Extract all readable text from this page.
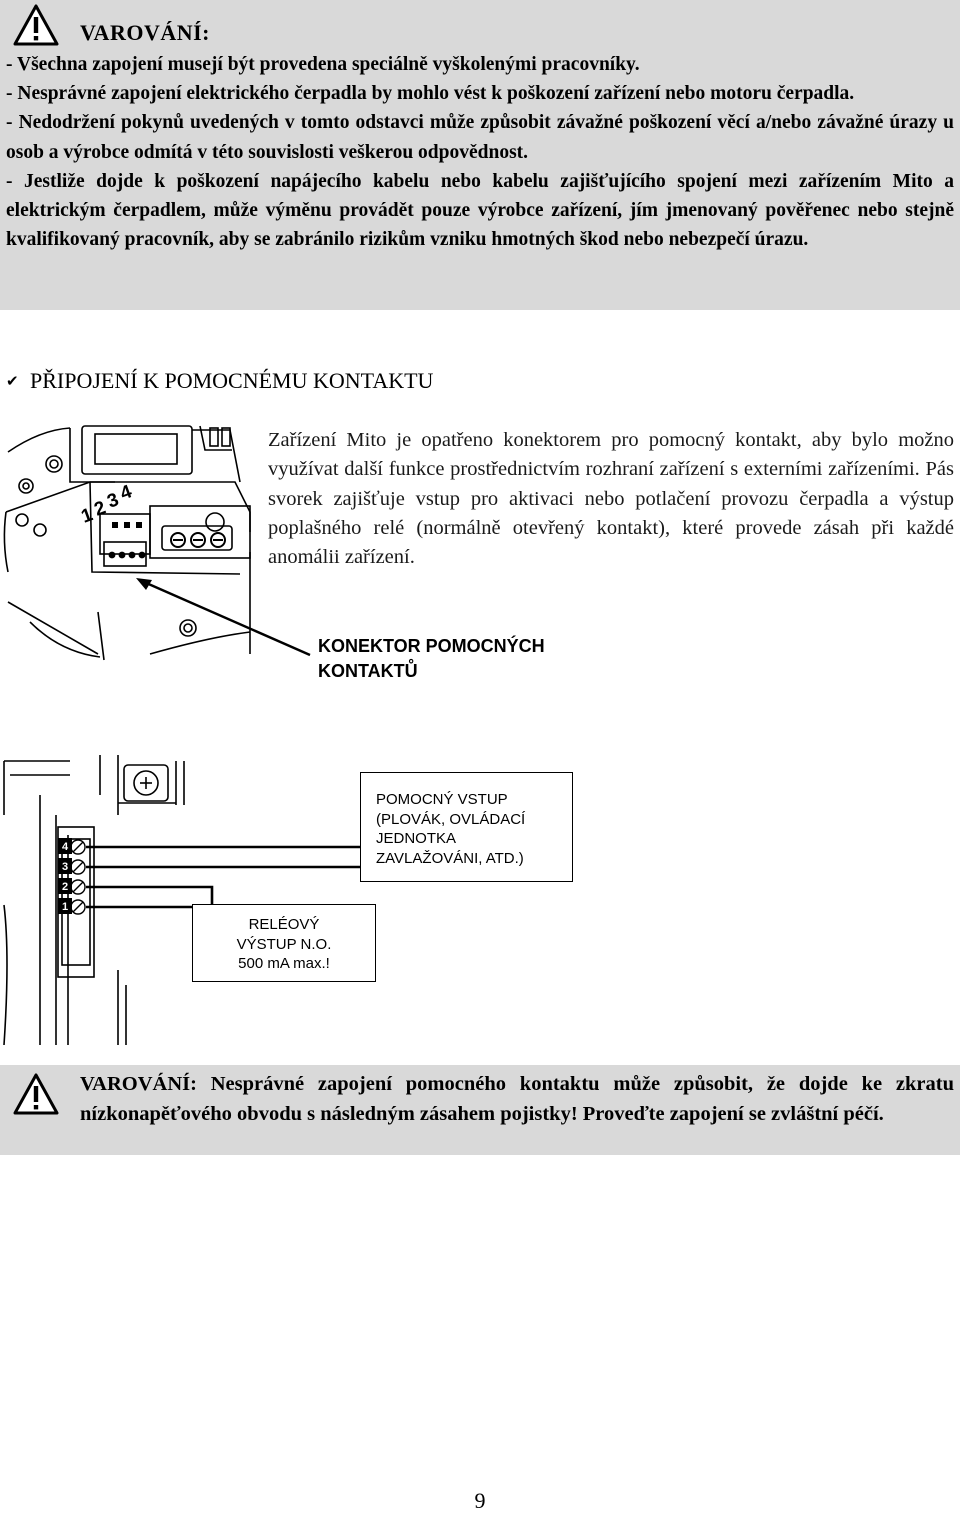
VAROVÁNÍ:
- Všechna zapojení musejí být provedena speciálně vyškolenými pracovníky.
- Nesprávné zapojení elektrického čerpadla by mohlo vést k poškození zařízení nebo motoru čerpadla.
- Nedodržení pokynů uvedených v tomto odstavci může způsobit závažné poškození věcí a/nebo závažné úrazy u osob a výrobce odmítá v této souvislosti veškerou odpovědnost.
- Jestliže dojde k poškození napájecího kabelu nebo kabelu zajišťujícího spojení mezi zařízením Mito a elektrickým čerpadlem, může výměnu provádět pouze výrobce zařízení, jím jmenovaný pověřenec nebo stejně kvalifikovaný pracovník, aby se zabránilo rizikům vzniku hmotných škod nebo nebezpečí úrazu.
✔ PŘIPOJENÍ K POMOCNÉMU KONTAKTU

Zařízení Mito je opatřeno konektorem pro pomocný kontakt, aby bylo možno využívat další funkce prostřednictvím rozhraní zařízení s externími zařízeními. Pás svorek zajišťuje vstup pro aktivaci nebo potlačení provozu čerpadla a výstup poplašného relé (normálně otevřený kontakt), které provede zásah při každé anomálii zařízení.

1
2
3
4
KONEKTOR POMOCNÝCH
KONTAKTŮ
4
3
2
1
POMOCNÝ VSTUP
(PLOVÁK, OVLÁDACÍ
JEDNOTKA
ZAVLAŽOVÁNI, ATD.)
RELÉOVÝ
VÝSTUP N.O.
500 mA max.!
VAROVÁNÍ: Nesprávné zapojení pomocného kontaktu může způsobit, že dojde ke zkratu nízkonapěťového obvodu s následným zásahem pojistky! Proveďte zapojení se zvláštní péčí.
9
